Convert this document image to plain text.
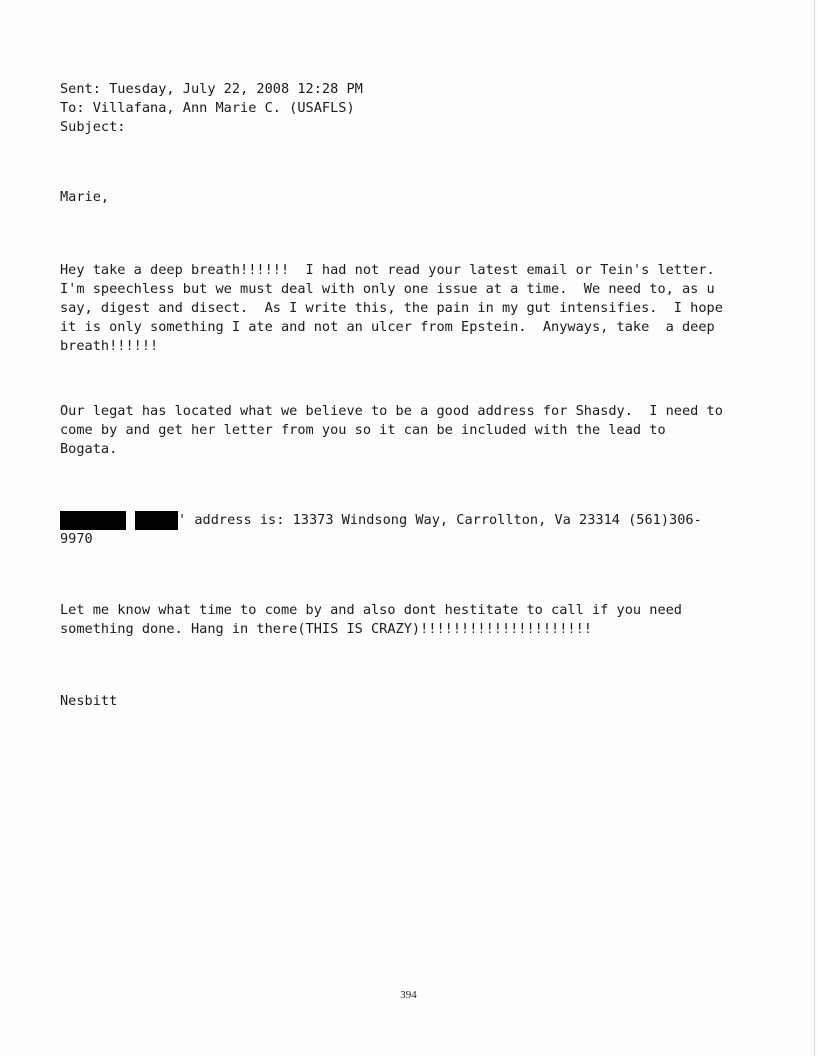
Sent: Tuesday, July 22, 2008 12:28 PM
To: Villafana, Ann Marie C. (USAFLS)
Subject:
Marie,
Hey take a deep breath!!!!!!  I had not read your latest email or Tein's letter.
I'm speechless but we must deal with only one issue at a time.  We need to, as u
say, digest and disect.  As I write this, the pain in my gut intensifies.  I hope
it is only something I ate and not an ulcer from Epstein.  Anyways, take  a deep
breath!!!!!!
Our legat has located what we believe to be a good address for Shasdy.  I need to
come by and get her letter from you so it can be included with the lead to
Bogata.
' address is: 13373 Windsong Way, Carrollton, Va 23314 (561)306-
9970
Let me know what time to come by and also dont hestitate to call if you need
something done. Hang in there(THIS IS CRAZY)!!!!!!!!!!!!!!!!!!!!!
Nesbitt
394
